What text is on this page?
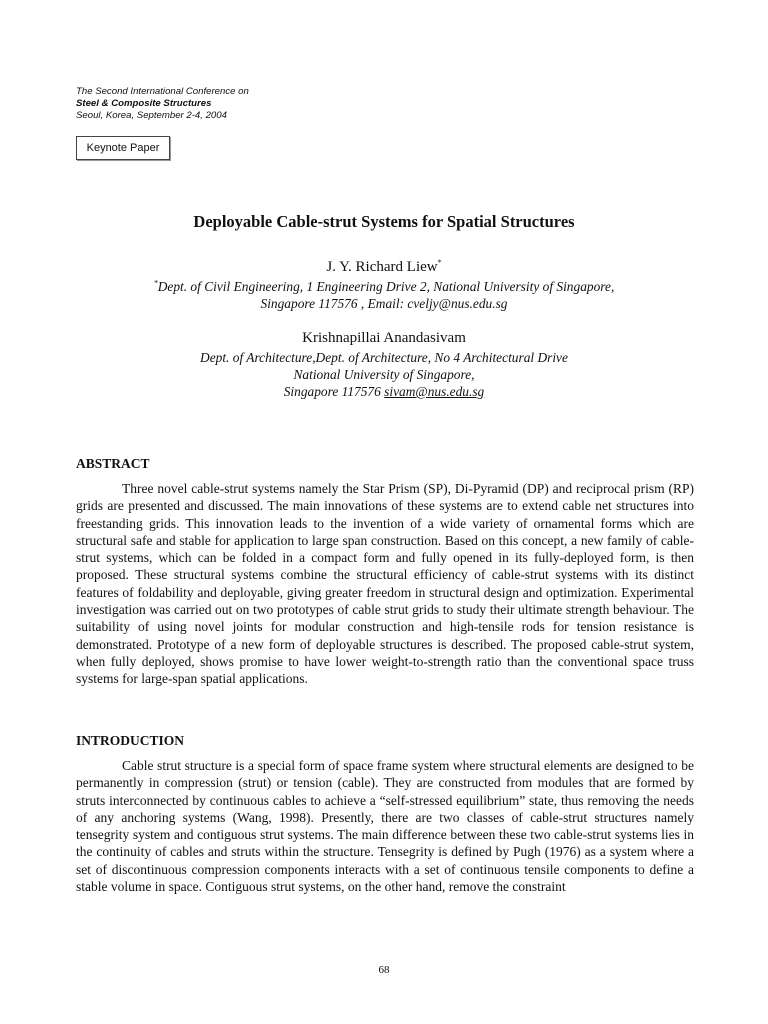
The Second International Conference on
Steel & Composite Structures
Seoul, Korea, September 2-4, 2004
Keynote Paper
Deployable Cable-strut Systems for Spatial Structures
J. Y. Richard Liew*
*Dept. of Civil Engineering, 1 Engineering Drive 2, National University of Singapore,
Singapore 117576 , Email: cveljy@nus.edu.sg
Krishnapillai Anandasivam
Dept. of Architecture,Dept. of Architecture, No 4 Architectural Drive
National University of Singapore,
Singapore 117576 sivam@nus.edu.sg
ABSTRACT

Three novel cable-strut systems namely the Star Prism (SP), Di-Pyramid (DP) and reciprocal prism (RP) grids are presented and discussed. The main innovations of these systems are to extend cable net structures into freestanding grids. This innovation leads to the invention of a wide variety of ornamental forms which are structural safe and stable for application to large span construction. Based on this concept, a new family of cable-strut systems, which can be folded in a compact form and fully opened in its fully-deployed form, is then proposed. These structural systems combine the structural efficiency of cable-strut systems with its distinct features of foldability and deployable, giving greater freedom in structural design and optimization. Experimental investigation was carried out on two prototypes of cable strut grids to study their ultimate strength behaviour. The suitability of using novel joints for modular construction and high-tensile rods for tension resistance is demonstrated. Prototype of a new form of deployable structures is described. The proposed cable-strut system, when fully deployed, shows promise to have lower weight-to-strength ratio than the conventional space truss systems for large-span spatial applications.

INTRODUCTION

Cable strut structure is a special form of space frame system where structural elements are designed to be permanently in compression (strut) or tension (cable). They are constructed from modules that are formed by struts interconnected by continuous cables to achieve a “self-stressed equilibrium” state, thus removing the needs of any anchoring systems (Wang, 1998). Presently, there are two classes of cable-strut structures namely tensegrity system and contiguous strut systems. The main difference between these two cable-strut systems lies in the continuity of cables and struts within the structure. Tensegrity is defined by Pugh (1976) as a system where a set of discontinuous compression components interacts with a set of continuous tensile components to define a stable volume in space. Contiguous strut systems, on the other hand, remove the constraint

68
